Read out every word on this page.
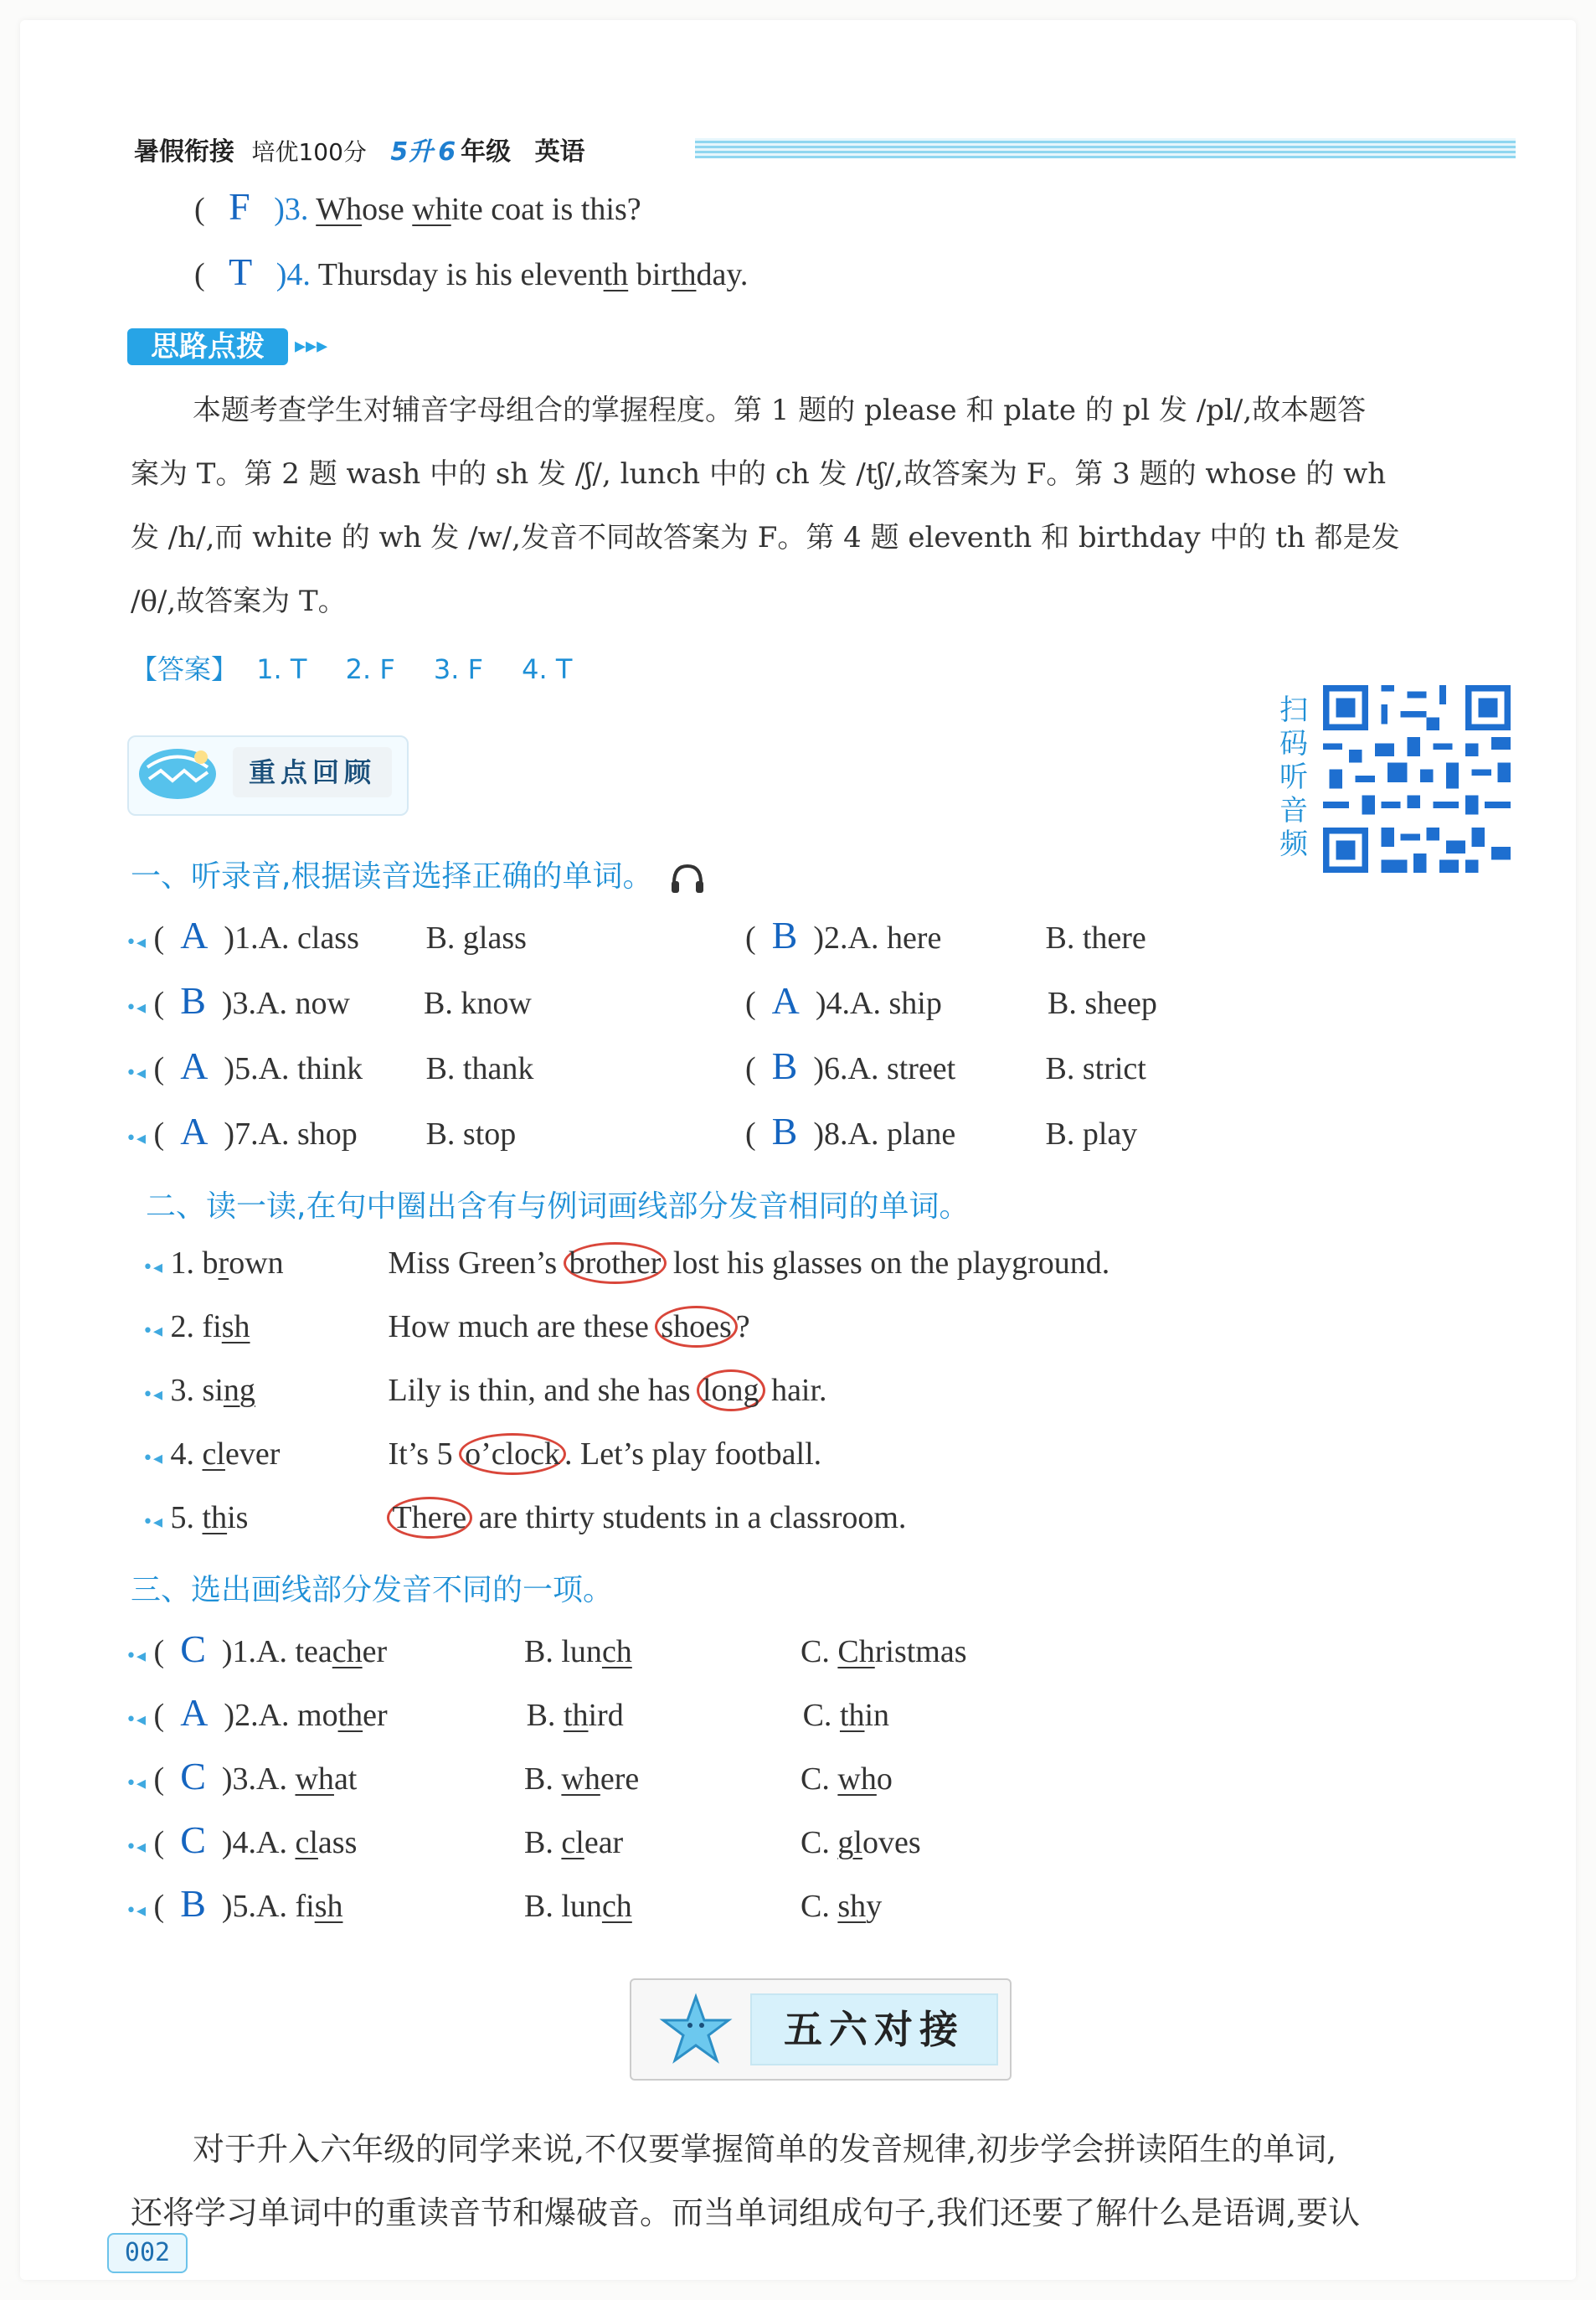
暑假衔接 培优100分 5升 6 年级 英语
(   F )3. Whose white coat is this?
(   T )4. Thursday is his eleventh birthday.
思路点拨	▸▸▸
本题考查学生对辅音字母组合的掌握程度。第 1 题的 please 和 plate 的 pl 发 /pl/,故本题答
案为 T。第 2 题 wash 中的 sh 发 /ʃ/, lunch 中的 ch 发 /tʃ/,故答案为 F。第 3 题的 whose 的 wh
发 /h/,而 white 的 wh 发 /w/,发音不同故答案为 F。第 4 题 eleventh 和 birthday 中的 th 都是发
/θ/,故答案为 T。
【答案】 1. T 2. F 3. F 4. T
重点回顾
扫码听音频
一、听录音,根据读音选择正确的单词。
•◂ (  A )1.A. class B. glass	(  B )2.A. here	B. there
•◂ (  B )3.A. now B. know	(  A )4.A. ship	B. sheep
•◂ (  A )5.A. think B. thank	(  B )6.A. street	B. strict
•◂ (  A )7.A. shop B. stop	(  B )8.A. plane	B. play
二、读一读,在句中圈出含有与例词画线部分发音相同的单词。
•◂ 1. brown	Miss Green’s brother lost his glasses on the playground.
•◂ 2. fish	How much are these shoes ?
•◂ 3. sing	Lily is thin, and she has long hair.
•◂ 4. clever	It’s 5 o’clock . Let’s play football.
•◂ 5. this	There are thirty students in a classroom.
三、选出画线部分发音不同的一项。
•◂ (  C )1.A. teacher	B. lunch	C. Christmas
•◂ (  A )2.A. mother	B. third	C. thin
•◂ (  C )3.A. what	B. where	C. who
•◂ (  C )4.A. class	B. clear	C. gloves
•◂ (  B )5.A. fish	B. lunch	C. shy
五六对接
对于升入六年级的同学来说,不仅要掌握简单的发音规律,初步学会拼读陌生的单词,
还将学习单词中的重读音节和爆破音。而当单词组成句子,我们还要了解什么是语调,要认
002
